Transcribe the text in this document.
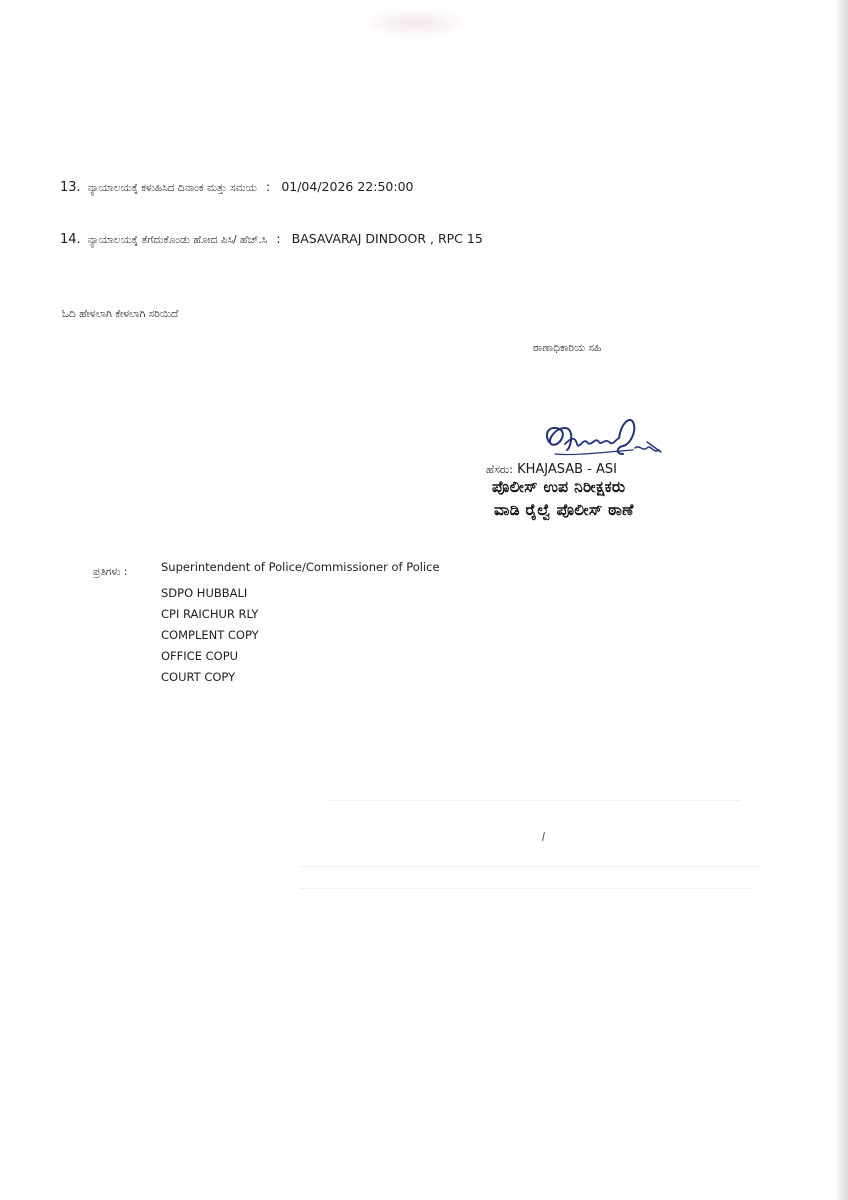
13. ನ್ಯಾಯಾಲಯಕ್ಕೆ ಕಳುಹಿಸಿದ ದಿನಾಂಕ ಮತ್ತು ಸಮಯ : 01/04/2026 22:50:00
14. ನ್ಯಾಯಾಲಯಕ್ಕೆ ತೆಗೆದುಕೊಂಡು ಹೋದ ಪಿಸಿ/ ಹೆಚ್.ಸಿ : BASAVARAJ DINDOOR , RPC 15
ಓದಿ ಹೇಳಲಾಗಿ ಕೇಳಲಾಗಿ ಸರಿಯಿದೆ
ಠಾಣಾಧಿಕಾರಿಯ ಸಹಿ
ಹೆಸರು: KHAJASAB - ASI
ಪೊಲೀಸ್ ಉಪ ನಿರೀಕ್ಷಕರು
ವಾಡಿ ರೈಲ್ವೆ ಪೊಲೀಸ್ ಠಾಣೆ
ಪ್ರತಿಗಳು :	Superintendent of Police/Commissioner of Police
SDPO HUBBALI
CPI RAICHUR RLY
COMPLENT COPY
OFFICE COPU
COURT COPY
